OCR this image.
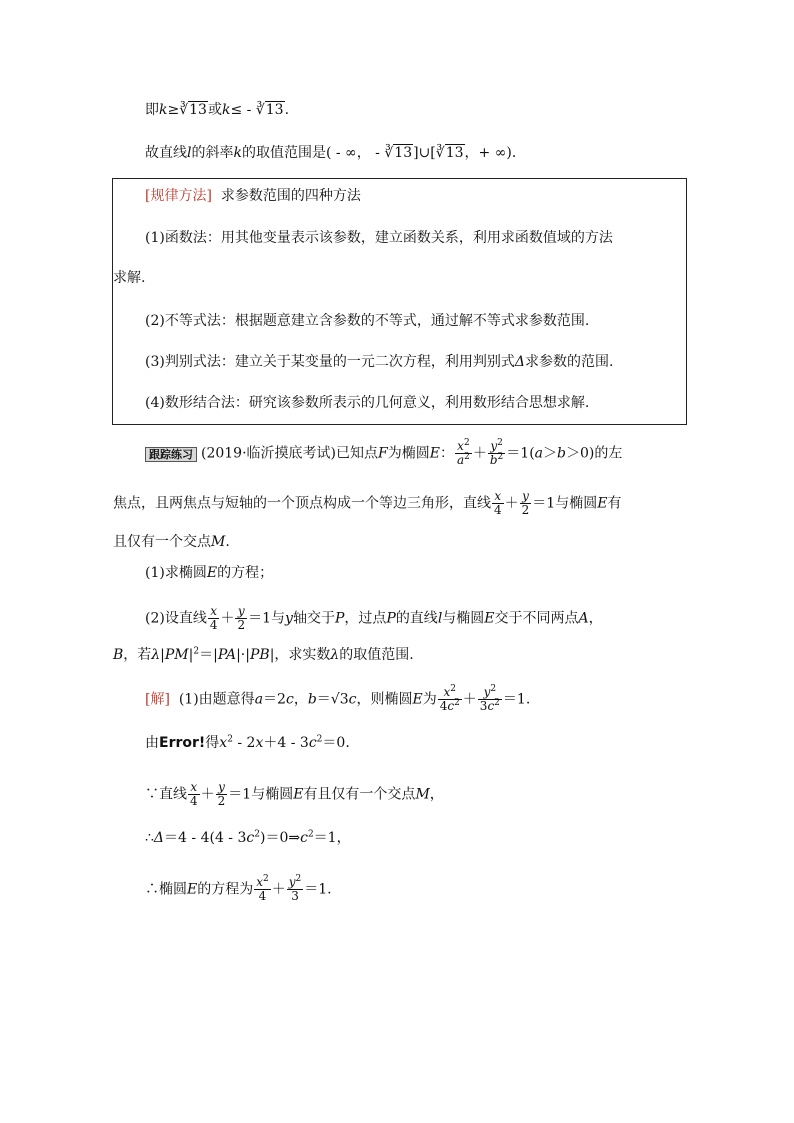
即k≥∛13或k≤ - ∛13.
故直线l的斜率k的取值范围是( - ∞， - ∛13]∪[∛13，+ ∞)．
[规律方法] 求参数范围的四种方法
(1)函数法：用其他变量表示该参数，建立函数关系，利用求函数值域的方法
求解.
(2)不等式法：根据题意建立含参数的不等式，通过解不等式求参数范围.
(3)判别式法：建立关于某变量的一元二次方程，利用判别式Δ求参数的范围.
(4)数形结合法：研究该参数所表示的几何意义，利用数形结合思想求解.
跟踪练习 (2019·临沂摸底考试)已知点F为椭圆E： $\frac{x^2}{a^2} + \frac{y^2}{b^2} =1(a>b>0)$的左
焦点，且两焦点与短轴的一个顶点构成一个等边三角形，直线 $\frac{x}{4} + \frac{y}{2} =1$与椭圆E有
且仅有一个交点M.
(1)求椭圆E的方程；
(2)设直线 $\frac{x}{4} + \frac{y}{2} =1$与y轴交于P，过点P的直线l与椭圆E交于不同两点A，
B，若$\lambda|PM|^2=|PA|\cdot|PB|$，求实数λ的取值范围.
[解] (1)由题意得a＝2c，b＝√3c，则椭圆E为 $\frac{x^2}{4c^2} + \frac{y^2}{3c^2} =1$.
由Error!得$x^2 - 2x+4 - 3c^2=0$.
∵直线 $\frac{x}{4} + \frac{y}{2} =1$与椭圆E有且仅有一个交点M，
∴Δ＝4 - $4(4 - 3c^2)=0\Rightarrow c^2=1$，
∴椭圆E的方程为 $\frac{x^2}{4} + \frac{y^2}{3} =1$.
